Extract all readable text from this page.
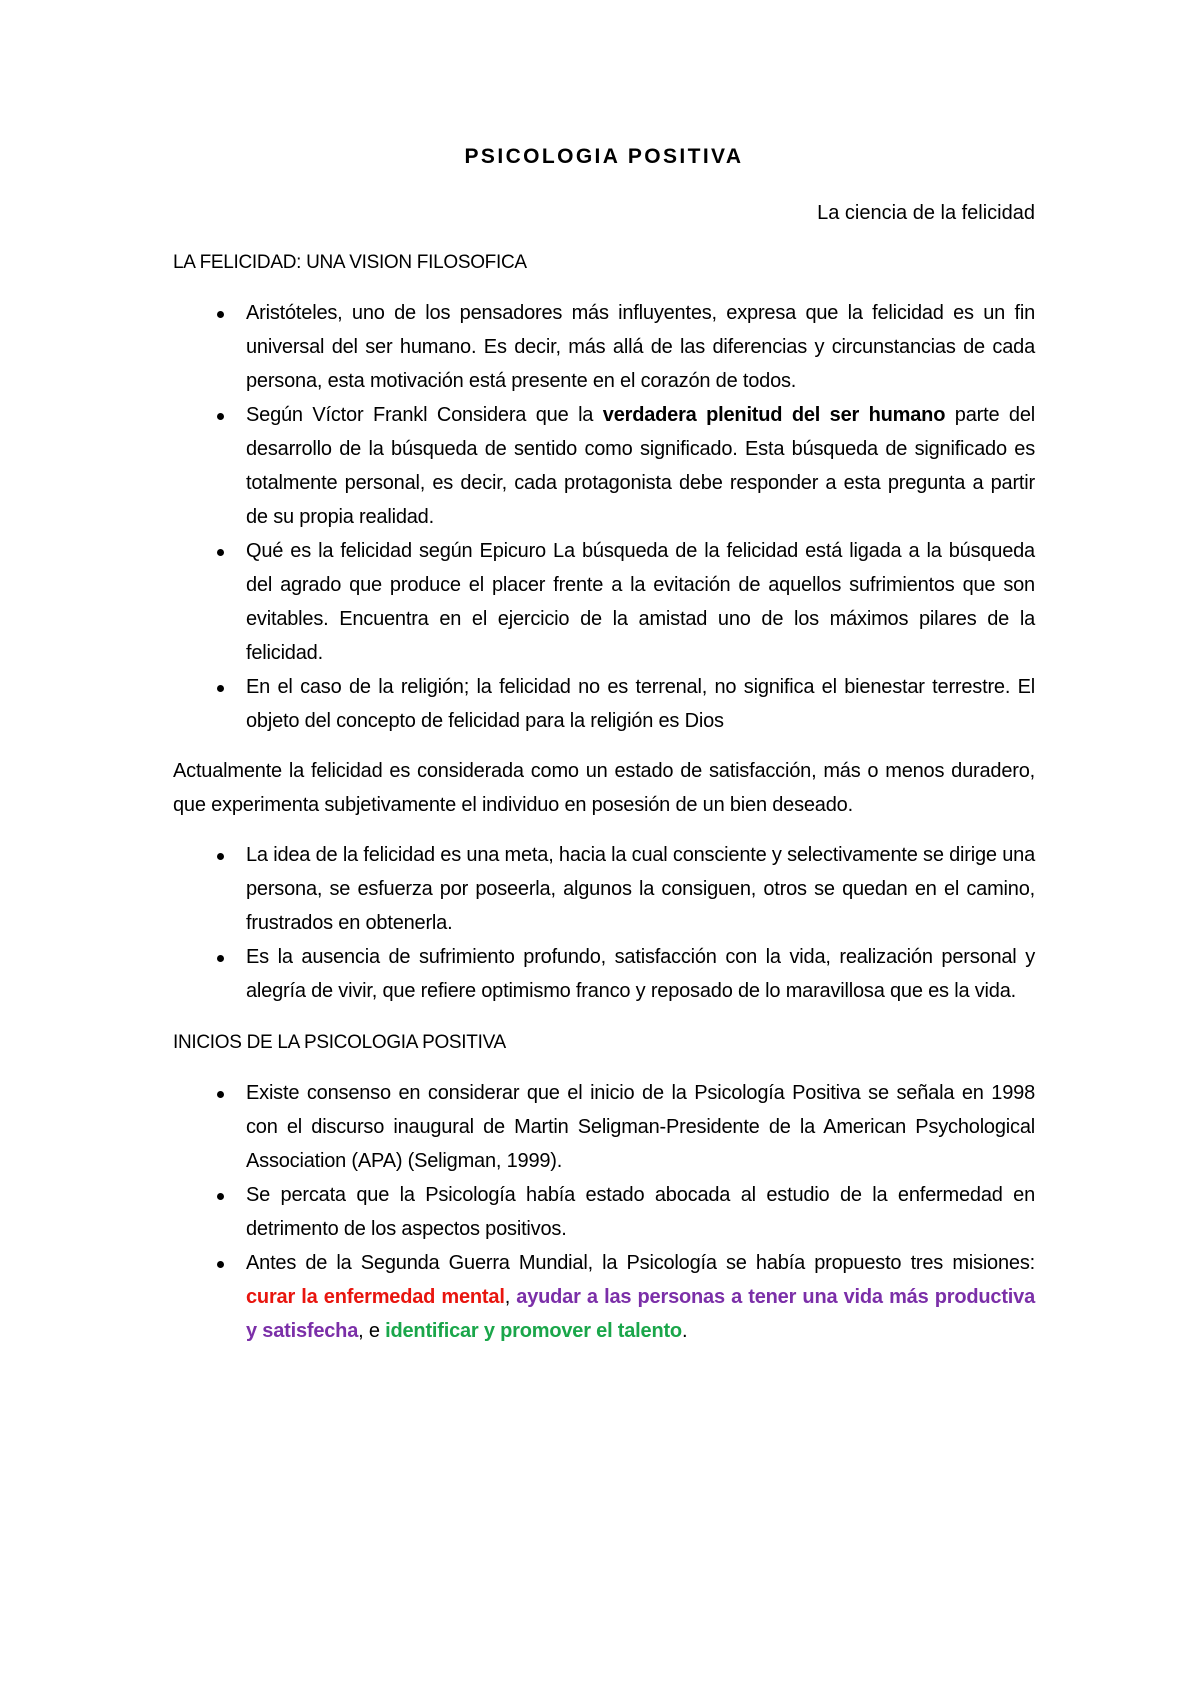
PSICOLOGIA POSITIVA

La ciencia de la felicidad

LA FELICIDAD: UNA VISION FILOSOFICA

Aristóteles, uno de los pensadores más influyentes, expresa que la felicidad es un fin universal del ser humano. Es decir, más allá de las diferencias y circunstancias de cada persona, esta motivación está presente en el corazón de todos.
Según Víctor Frankl Considera que la verdadera plenitud del ser humano parte del desarrollo de la búsqueda de sentido como significado. Esta búsqueda de significado es totalmente personal, es decir, cada protagonista debe responder a esta pregunta a partir de su propia realidad.
Qué es la felicidad según Epicuro La búsqueda de la felicidad está ligada a la búsqueda del agrado que produce el placer frente a la evitación de aquellos sufrimientos que son evitables. Encuentra en el ejercicio de la amistad uno de los máximos pilares de la felicidad.
En el caso de la religión; la felicidad no es terrenal, no significa el bienestar terrestre. El objeto del concepto de felicidad para la religión es Dios

Actualmente la felicidad es considerada como un estado de satisfacción, más o menos duradero, que experimenta subjetivamente el individuo en posesión de un bien deseado.

La idea de la felicidad es una meta, hacia la cual consciente y selectivamente se dirige una persona, se esfuerza por poseerla, algunos la consiguen, otros se quedan en el camino, frustrados en obtenerla.
Es la ausencia de sufrimiento profundo, satisfacción con la vida, realización personal y alegría de vivir, que refiere optimismo franco y reposado de lo maravillosa que es la vida.

INICIOS DE LA PSICOLOGIA POSITIVA

Existe consenso en considerar que el inicio de la Psicología Positiva se señala en 1998 con el discurso inaugural de Martin Seligman-Presidente de la American Psychological Association (APA) (Seligman, 1999).
Se percata que la Psicología había estado abocada al estudio de la enfermedad en detrimento de los aspectos positivos.
Antes de la Segunda Guerra Mundial, la Psicología se había propuesto tres misiones: curar la enfermedad mental, ayudar a las personas a tener una vida más productiva y satisfecha, e identificar y promover el talento.
